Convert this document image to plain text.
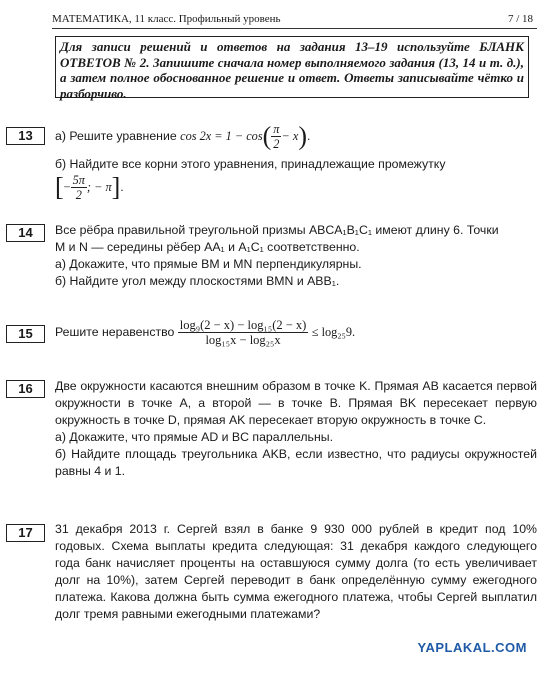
МАТЕМАТИКА, 11 класс. Профильный уровень	7 / 18
Для записи решений и ответов на задания 13–19 используйте БЛАНК ОТВЕТОВ № 2. Запишите сначала номер выполняемого задания (13, 14 и т. д.), а затем полное обоснованное решение и ответ. Ответы записывайте чётко и разборчиво.
13	а) Решите уравнение $\cos 2x = 1 - \cos( \frac{\pi}{2} - x)$.
б) Найдите все корни этого уравнения, принадлежащие промежутку
[− $\frac{5\pi}{2}$ ; − π].
14	Все рёбра правильной треугольной призмы ABCA₁B₁C₁ имеют длину 6. Точки
M и N — середины рёбер AA₁ и A₁C₁ соответственно.
а) Докажите, что прямые BM и MN перпендикулярны.
б) Найдите угол между плоскостями BMN и ABB₁.
15	Решите неравенство $\frac{\text{log₉(2 − x) − log₁₅(2 − x)}}{\text{log₁₅x − log₂₅x}} \le \log_{25}9$.
16	Две окружности касаются внешним образом в точке K. Прямая AB касается первой окружности в точке A, а второй — в точке B. Прямая BK пересекает первую окружность в точке D, прямая AK пересекает вторую окружность в точке C.
а) Докажите, что прямые AD и BC параллельны.
б) Найдите площадь треугольника AKB, если известно, что радиусы окружностей равны 4 и 1.
17	31 декабря 2013 г. Сергей взял в банке 9 930 000 рублей в кредит под 10% годовых. Схема выплаты кредита следующая: 31 декабря каждого следующего года банк начисляет проценты на оставшуюся сумму долга (то есть увеличивает долг на 10%), затем Сергей переводит в банк определённую сумму ежегодного платежа. Какова должна быть сумма ежегодного платежа, чтобы Сергей выплатил долг тремя равными ежегодными платежами?
YAPLAKAL.COM
